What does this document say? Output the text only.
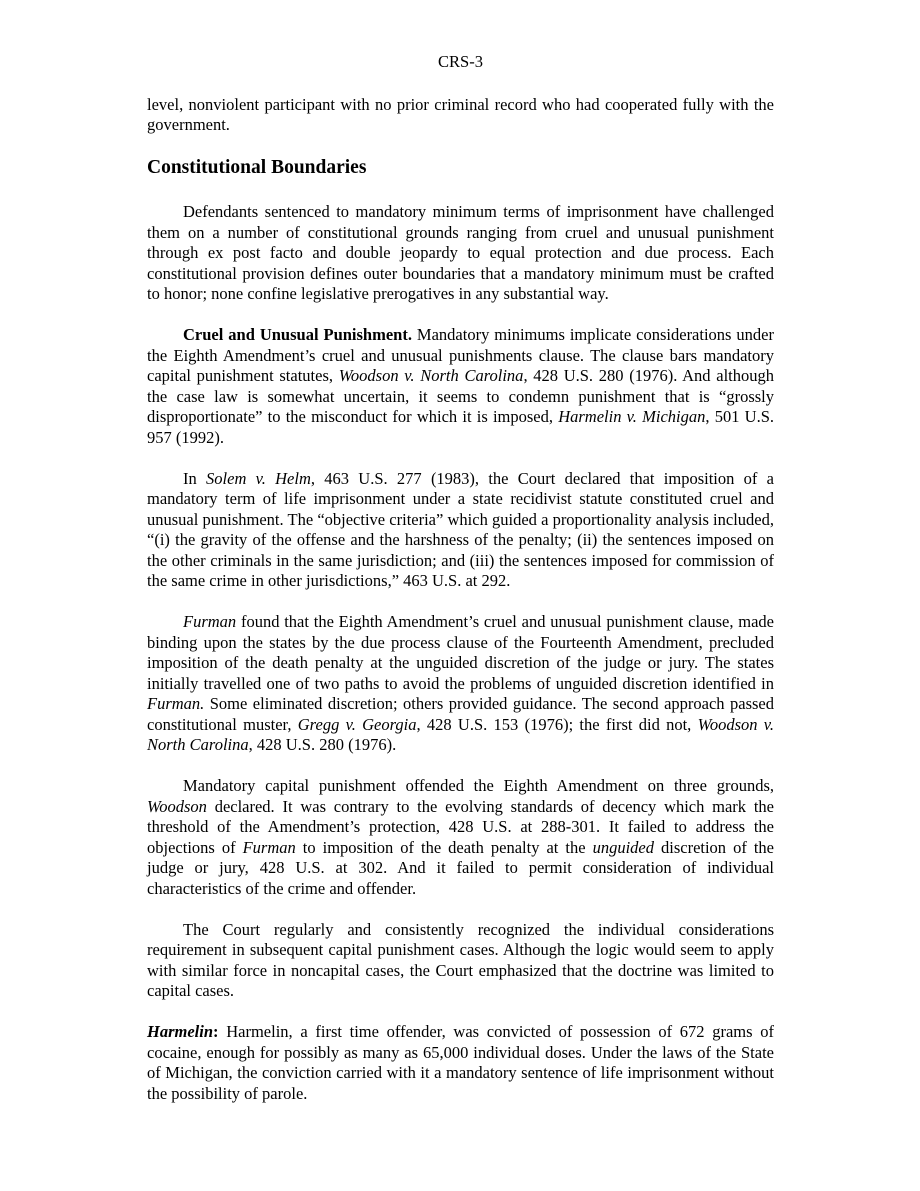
CRS-3

level, nonviolent participant with no prior criminal record who had cooperated fully with the government.

Constitutional Boundaries

Defendants sentenced to mandatory minimum terms of imprisonment have challenged them on a number of constitutional grounds ranging from cruel and unusual punishment through ex post facto and double jeopardy to equal protection and due process. Each constitutional provision defines outer boundaries that a mandatory minimum must be crafted to honor; none confine legislative prerogatives in any substantial way.

Cruel and Unusual Punishment. Mandatory minimums implicate considerations under the Eighth Amendment’s cruel and unusual punishments clause. The clause bars mandatory capital punishment statutes, Woodson v. North Carolina, 428 U.S. 280 (1976). And although the case law is somewhat uncertain, it seems to condemn punishment that is “grossly disproportionate” to the misconduct for which it is imposed, Harmelin v. Michigan, 501 U.S. 957 (1992).

In Solem v. Helm, 463 U.S. 277 (1983), the Court declared that imposition of a mandatory term of life imprisonment under a state recidivist statute constituted cruel and unusual punishment. The “objective criteria” which guided a proportionality analysis included, “(i) the gravity of the offense and the harshness of the penalty; (ii) the sentences imposed on the other criminals in the same jurisdiction; and (iii) the sentences imposed for commission of the same crime in other jurisdictions,” 463 U.S. at 292.

Furman found that the Eighth Amendment’s cruel and unusual punishment clause, made binding upon the states by the due process clause of the Fourteenth Amendment, precluded imposition of the death penalty at the unguided discretion of the judge or jury. The states initially travelled one of two paths to avoid the problems of unguided discretion identified in Furman. Some eliminated discretion; others provided guidance. The second approach passed constitutional muster, Gregg v. Georgia, 428 U.S. 153 (1976); the first did not, Woodson v. North Carolina, 428 U.S. 280 (1976).

Mandatory capital punishment offended the Eighth Amendment on three grounds, Woodson declared. It was contrary to the evolving standards of decency which mark the threshold of the Amendment’s protection, 428 U.S. at 288-301. It failed to address the objections of Furman to imposition of the death penalty at the unguided discretion of the judge or jury, 428 U.S. at 302. And it failed to permit consideration of individual characteristics of the crime and offender.

The Court regularly and consistently recognized the individual considerations requirement in subsequent capital punishment cases. Although the logic would seem to apply with similar force in noncapital cases, the Court emphasized that the doctrine was limited to capital cases.

Harmelin: Harmelin, a first time offender, was convicted of possession of 672 grams of cocaine, enough for possibly as many as 65,000 individual doses. Under the laws of the State of Michigan, the conviction carried with it a mandatory sentence of life imprisonment without the possibility of parole.
